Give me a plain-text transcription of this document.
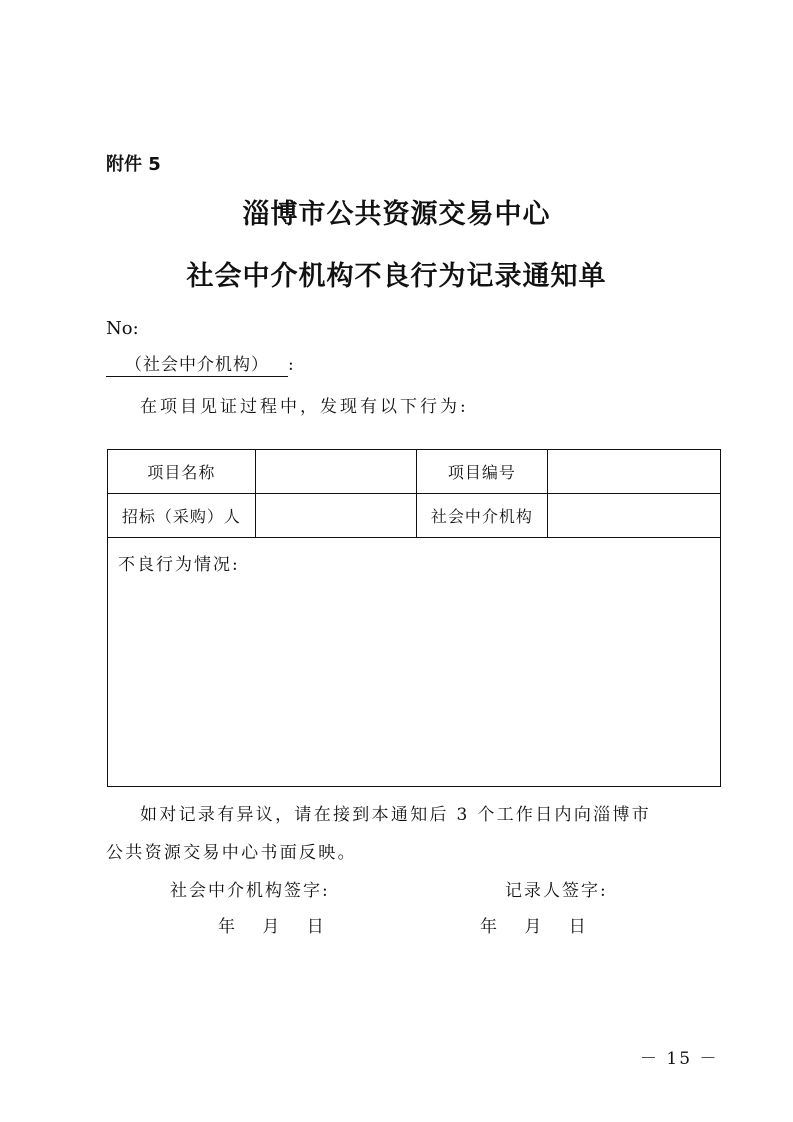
附件 5
淄博市公共资源交易中心
社会中介机构不良行为记录通知单
No:
（社会中介机构） :
在项目见证过程中，发现有以下行为:
项目名称		项目编号	
招标（采购）人		社会中介机构	

不良行为情况:			
如对记录有异议，请在接到本通知后 3 个工作日内向淄博市
公共资源交易中心书面反映。
社会中介机构签字:	记录人签字:
年 月 日	年 月 日
－ 15 －
